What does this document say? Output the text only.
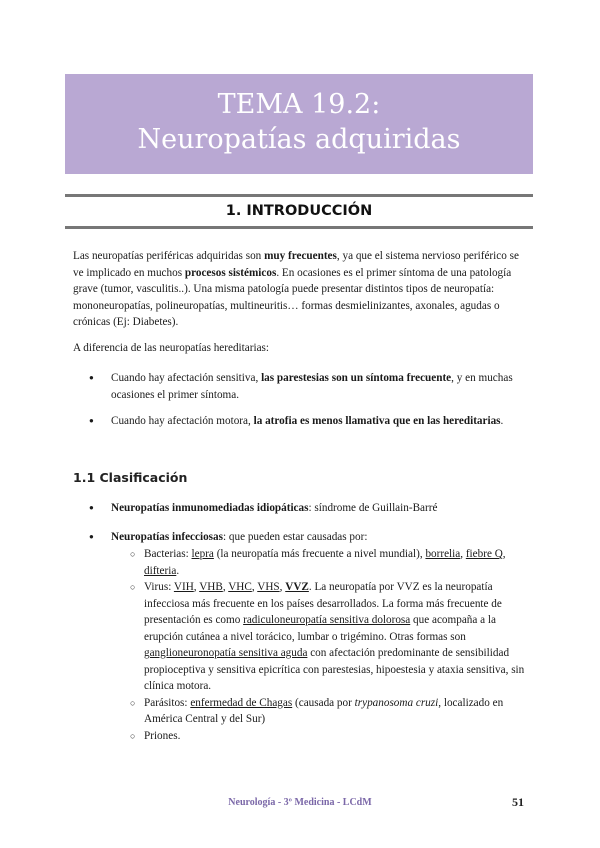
TEMA 19.2:
Neuropatías adquiridas
1. INTRODUCCIÓN
Las neuropatías periféricas adquiridas son muy frecuentes, ya que el sistema nervioso periférico se ve implicado en muchos procesos sistémicos. En ocasiones es el primer síntoma de una patología grave (tumor, vasculitis..). Una misma patología puede presentar distintos tipos de neuropatía: mononeuropatías, polineuropatías, multineuritis… formas desmielinizantes, axonales, agudas o crónicas (Ej: Diabetes).
A diferencia de las neuropatías hereditarias:
● Cuando hay afectación sensitiva, las parestesias son un síntoma frecuente, y en muchas ocasiones el primer síntoma.
● Cuando hay afectación motora, la atrofia es menos llamativa que en las hereditarias.
1.1 Clasificación
● Neuropatías inmunomediadas idiopáticas: síndrome de Guillain-Barré
● Neuropatías infecciosas: que pueden estar causadas por:
○ Bacterias: lepra (la neuropatía más frecuente a nivel mundial), borrelia, fiebre Q, difteria.
○ Virus: VIH, VHB, VHC, VHS, VVZ. La neuropatía por VVZ es la neuropatía infecciosa más frecuente en los países desarrollados. La forma más frecuente de presentación es como radiculoneuropatía sensitiva dolorosa que acompaña a la erupción cutánea a nivel torácico, lumbar o trigémino. Otras formas son ganglioneuronopatía sensitiva aguda con afectación predominante de sensibilidad propioceptiva y sensitiva epicrítica con parestesias, hipoestesia y ataxia sensitiva, sin clínica motora.
○ Parásitos: enfermedad de Chagas (causada por trypanosoma cruzi, localizado en América Central y del Sur)
○ Priones.
Neurología - 3º Medicina - LCdM	51
